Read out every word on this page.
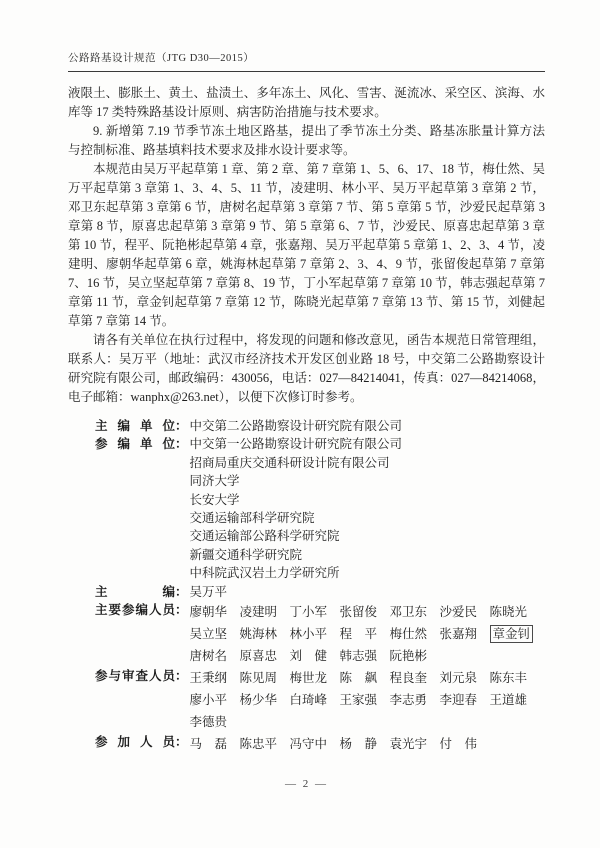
公路路基设计规范（JTG D30—2015）

液限土、膨胀土、黄土、盐渍土、多年冻土、风化、雪害、涎流冰、采空区、滨海、水库等 17 类特殊路基设计原则、病害防治措施与技术要求。

9. 新增第 7.19 节季节冻土地区路基，提出了季节冻土分类、路基冻胀量计算方法与控制标准、路基填料技术要求及排水设计要求等。

本规范由吴万平起草第 1 章、第 2 章、第 7 章第 1、5、6、17、18 节，梅仕然、吴万平起草第 3 章第 1、3、4、5、11 节，凌建明、林小平、吴万平起草第 3 章第 2 节，邓卫东起草第 3 章第 6 节，唐树名起草第 3 章第 7 节、第 5 章第 5 节，沙爱民起草第 3 章第 8 节，原喜忠起草第 3 章第 9 节、第 5 章第 6、7 节，沙爱民、原喜忠起草第 3 章第 10 节，程平、阮艳彬起草第 4 章，张嘉翔、吴万平起草第 5 章第 1、2、3、4 节，凌建明、廖朝华起草第 6 章，姚海林起草第 7 章第 2、3、4、9 节，张留俊起草第 7 章第 7、16 节，吴立坚起草第 7 章第 8、19 节，丁小军起草第 7 章第 10 节，韩志强起草第 7 章第 11 节，章金钊起草第 7 章第 12 节，陈晓光起草第 7 章第 13 节、第 15 节，刘健起草第 7 章第 14 节。

请各有关单位在执行过程中，将发现的问题和修改意见，函告本规范日常管理组，联系人：吴万平（地址：武汉市经济技术开发区创业路 18 号，中交第二公路勘察设计研究院有限公司，邮政编码：430056，电话：027—84214041，传真：027—84214068，电子邮箱：wanphx@263.net），以便下次修订时参考。

主编单位 ： 中交第二公路勘察设计研究院有限公司
参编单位 ： 中交第一公路勘察设计研究院有限公司
招商局重庆交通科研设计院有限公司
同济大学
长安大学
交通运输部科学研究院
交通运输部公路科学研究院
新疆交通科学研究院
中科院武汉岩土力学研究所
主编 ： 吴万平
主要参编人员 ： 廖朝华 凌建明 丁小军 张留俊 邓卫东 沙爱民 陈晓光
吴立坚 姚海林 林小平 程　平 梅仕然 张嘉翔	章金钊
唐树名 原喜忠 刘　健 韩志强 阮艳彬
参与审查人员 ： 王秉纲 陈见周 梅世龙 陈　飙 程良奎 刘元泉 陈东丰
廖小平 杨少华 白琦峰 王家强 李志勇 李迎春 王道雄
李德贵
参加人员 ： 马　磊 陈忠平 冯守中 杨　静 袁光宇 付　伟
— 2 —
